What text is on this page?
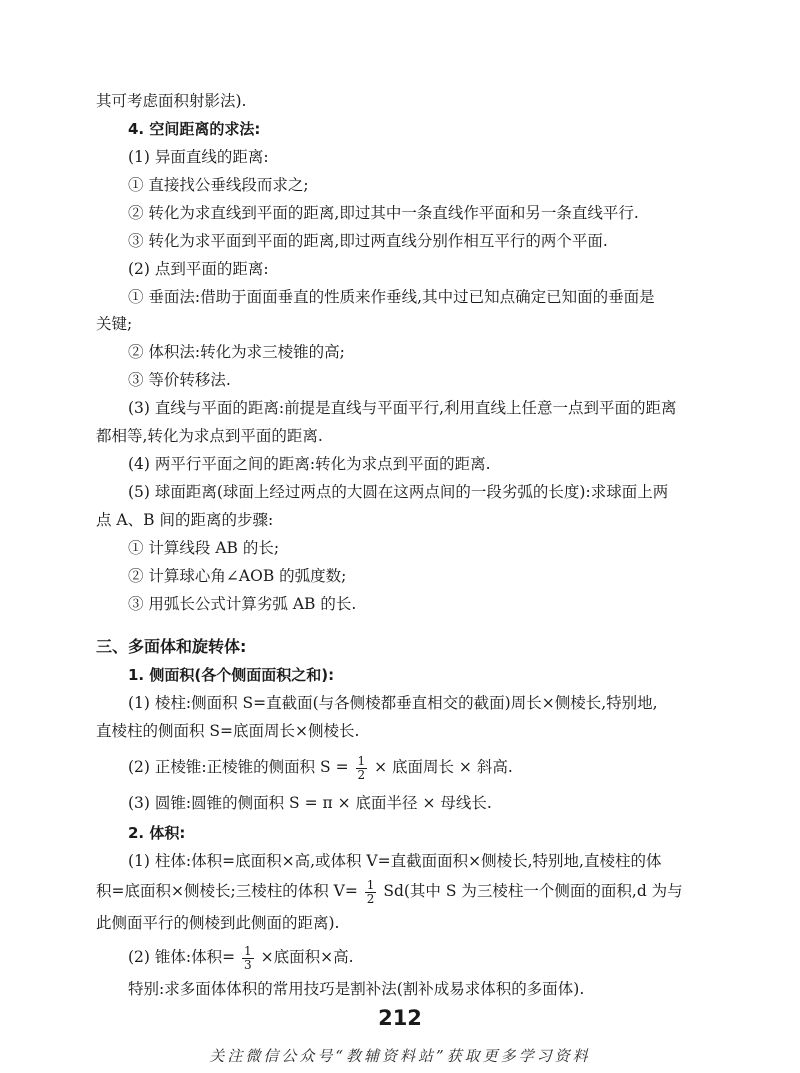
其可考虑面积射影法).
4. 空间距离的求法:
(1) 异面直线的距离:
① 直接找公垂线段而求之;
② 转化为求直线到平面的距离,即过其中一条直线作平面和另一条直线平行.
③ 转化为求平面到平面的距离,即过两直线分别作相互平行的两个平面.
(2) 点到平面的距离:
① 垂面法:借助于面面垂直的性质来作垂线,其中过已知点确定已知面的垂面是
关键;
② 体积法:转化为求三棱锥的高;
③ 等价转移法.
(3) 直线与平面的距离:前提是直线与平面平行,利用直线上任意一点到平面的距离
都相等,转化为求点到平面的距离.
(4) 两平行平面之间的距离:转化为求点到平面的距离.
(5) 球面距离(球面上经过两点的大圆在这两点间的一段劣弧的长度):求球面上两
点 A、B 间的距离的步骤:
① 计算线段 AB 的长;
② 计算球心角∠AOB 的弧度数;
③ 用弧长公式计算劣弧 AB 的长.
三、多面体和旋转体:
1. 侧面积(各个侧面面积之和):
(1) 棱柱:侧面积 S=直截面(与各侧棱都垂直相交的截面)周长×侧棱长,特别地,
直棱柱的侧面积 S=底面周长×侧棱长.
(2) 正棱锥:正棱锥的侧面积 $S = \frac{1}{2}$ × 底面周长 × 斜高.
(3) 圆锥:圆锥的侧面积 S = π × 底面半径 × 母线长.
2. 体积:
(1) 柱体:体积=底面积×高,或体积 V=直截面面积×侧棱长,特别地,直棱柱的体
积=底面积×侧棱长;三棱柱的体积 $V= \frac{1}{2} Sd$(其中 S 为三棱柱一个侧面的面积,d 为与
此侧面平行的侧棱到此侧面的距离).
(2) 锥体:体积= $\frac{1}{3}$ ×底面积×高.
特别:求多面体体积的常用技巧是割补法(割补成易求体积的多面体).
212
关注微信公众号“教辅资料站”获取更多学习资料
